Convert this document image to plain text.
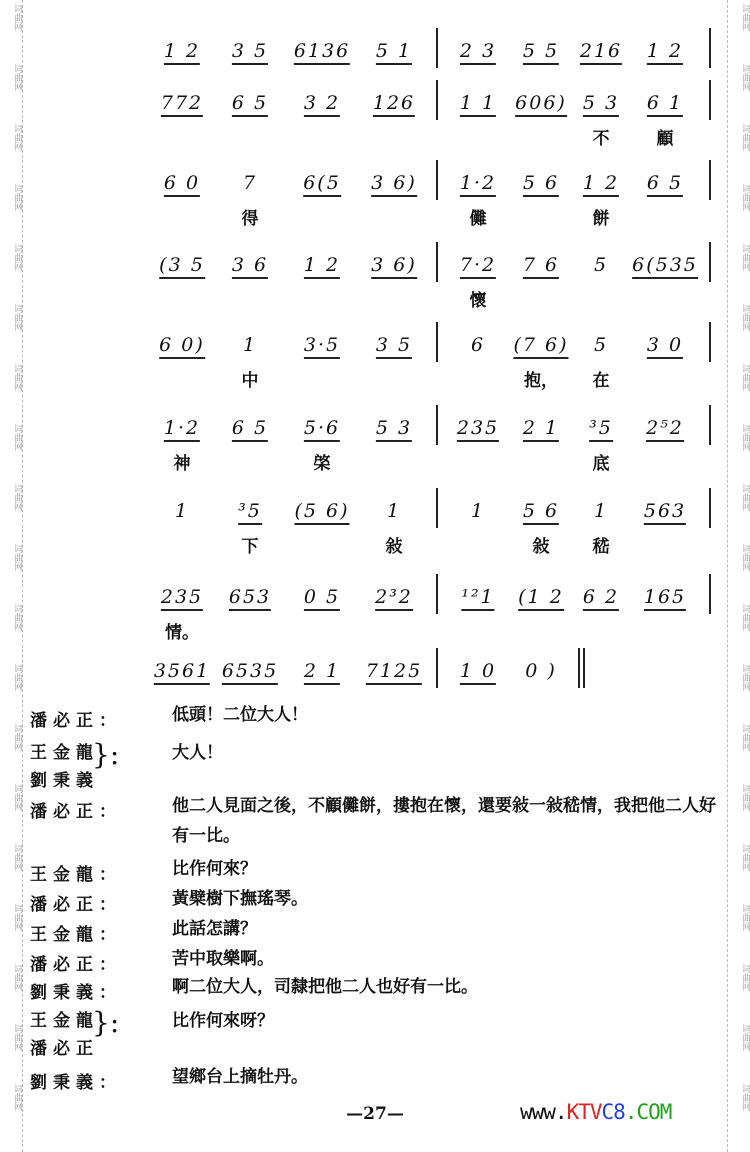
词曲网	词曲网
词曲网	词曲网
词曲网	词曲网
词曲网	词曲网
词曲网	词曲网
词曲网	词曲网
词曲网	词曲网
词曲网	词曲网
词曲网	词曲网
词曲网	词曲网
词曲网	词曲网
词曲网	词曲网
词曲网	词曲网
词曲网	词曲网
词曲网	词曲网
词曲网	词曲网
词曲网	词曲网
词曲网	词曲网
词曲网	词曲网
1 2 3 5 6136 5 1	2 3 5 5 216 1 2
772 6 5 3 2 126 1 1 606) 5 3 6 1
不	顧
6 0 7 6(5 3 6) 1·2 5 6 1 2 6 5
得	儺	餅
(3 5 3 6 1 2 3 6) 7·2 7 6 5 6(535
懷
6 0) 1 3·5 3 5	6 (7 6) 5 3 0
中	抱， 在
1·2 6 5 5·6 5 3 235 2 1 ³5 2⁵2
神	棨	底
1	³5 (5 6) 1	1 5 6 1 563
下	敍	敍	嵇
235 653 0 5 2³2	¹²1 (1 2 6 2 165
情。
3561 6535 2 1 7125 1 0 0 )
潘必正：	低頭！二位大人！
王金龍
劉秉義
}:	大人！
潘必正：	他二人見面之後，不顧儺餅，摟抱在懷，還要敍一敍嵇情，我把他二人好有一比。
王金龍：	比作何來？
潘必正：	黃檗樹下撫瑤琴。
王金龍：	此話怎講？
潘必正：	苦中取樂啊。
劉秉義：	啊二位大人，司隸把他二人也好有一比。
王金龍
潘必正
}:	比作何來呀？
劉秉義：	望鄉台上摘牡丹。
—27—	www.KTVC8.COM
